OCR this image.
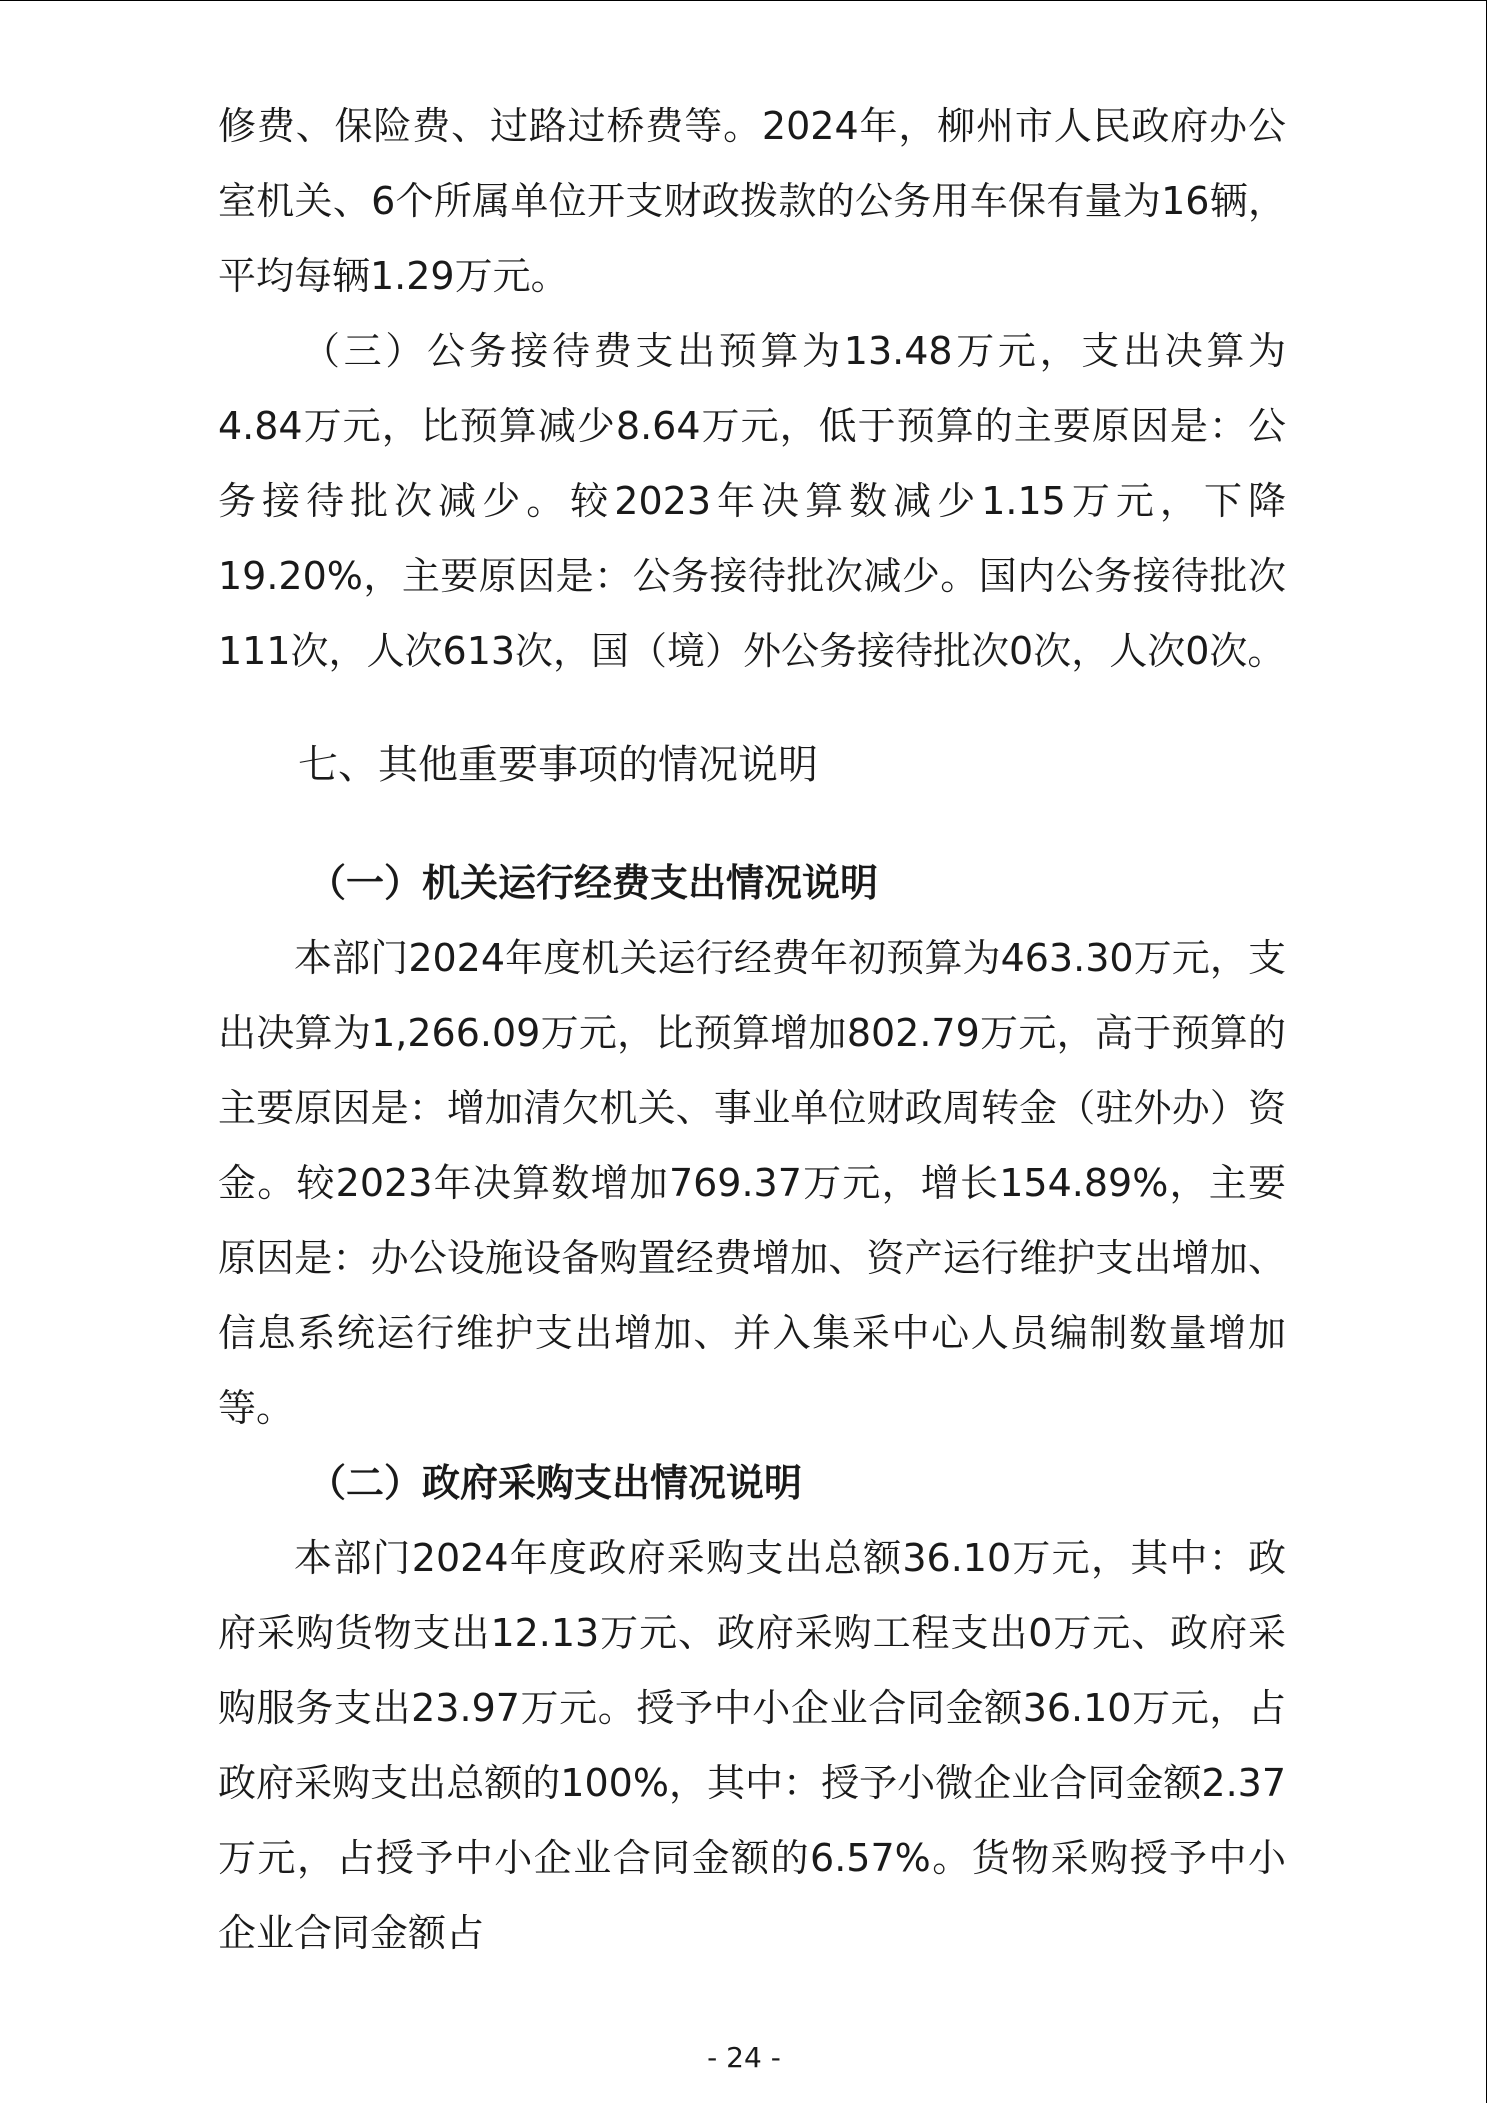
修费、保险费、过路过桥费等。2024年，柳州市人民政府办公室机关、6个所属单位开支财政拨款的公务用车保有量为16辆，平均每辆1.29万元。

（三）公务接待费支出预算为13.48万元，支出决算为4.84万元，比预算减少8.64万元，低于预算的主要原因是：公务接待批次减少。较2023年决算数减少1.15万元，下降19.20%，主要原因是：公务接待批次减少。国内公务接待批次111次，人次613次，国（境）外公务接待批次0次，人次0次。

七、其他重要事项的情况说明

（一）机关运行经费支出情况说明

本部门2024年度机关运行经费年初预算为463.30万元，支出决算为1,266.09万元，比预算增加802.79万元，高于预算的主要原因是：增加清欠机关、事业单位财政周转金（驻外办）资金。较2023年决算数增加769.37万元，增长154.89%，主要原因是：办公设施设备购置经费增加、资产运行维护支出增加、信息系统运行维护支出增加、并入集采中心人员编制数量增加等。

（二）政府采购支出情况说明

本部门2024年度政府采购支出总额36.10万元，其中：政府采购货物支出12.13万元、政府采购工程支出0万元、政府采购服务支出23.97万元。授予中小企业合同金额36.10万元，占政府采购支出总额的100%，其中：授予小微企业合同金额2.37万元，占授予中小企业合同金额的6.57%。货物采购授予中小企业合同金额占

- 24 -
